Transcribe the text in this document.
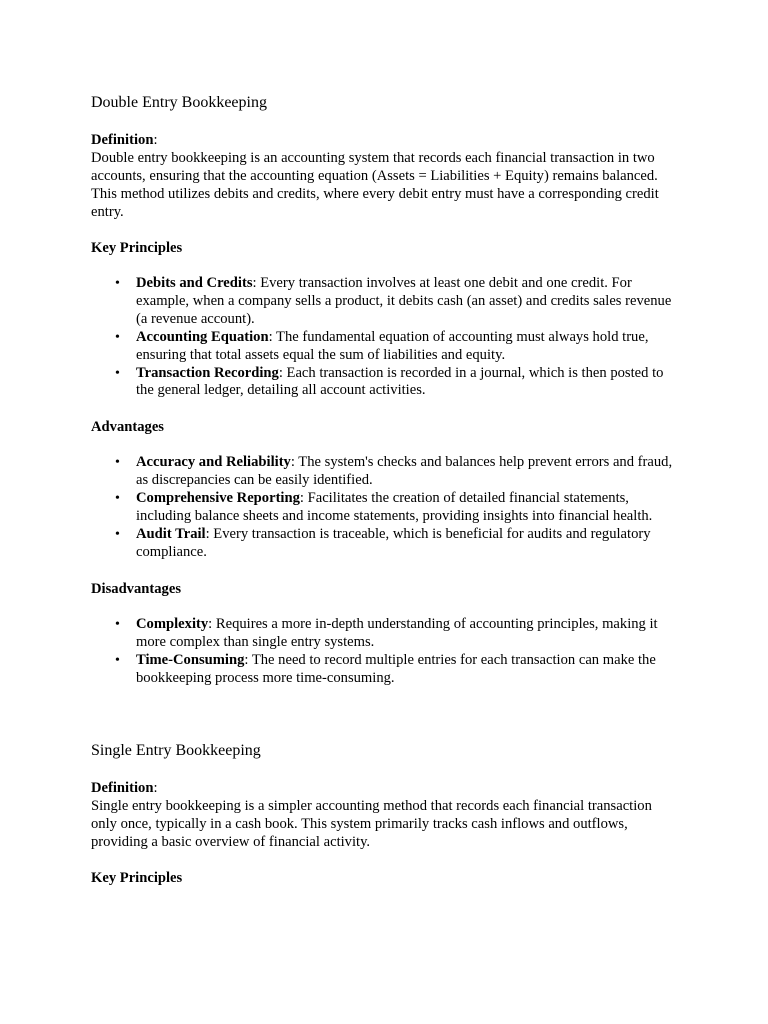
Double Entry Bookkeeping
Definition:

Double entry bookkeeping is an accounting system that records each financial transaction in two accounts, ensuring that the accounting equation (Assets = Liabilities + Equity) remains balanced. This method utilizes debits and credits, where every debit entry must have a corresponding credit entry.

Key Principles
• Debits and Credits: Every transaction involves at least one debit and one credit. For example, when a company sells a product, it debits cash (an asset) and credits sales revenue (a revenue account).
• Accounting Equation: The fundamental equation of accounting must always hold true, ensuring that total assets equal the sum of liabilities and equity.
• Transaction Recording: Each transaction is recorded in a journal, which is then posted to the general ledger, detailing all account activities.
Advantages
• Accuracy and Reliability: The system's checks and balances help prevent errors and fraud, as discrepancies can be easily identified.
• Comprehensive Reporting: Facilitates the creation of detailed financial statements, including balance sheets and income statements, providing insights into financial health.
• Audit Trail: Every transaction is traceable, which is beneficial for audits and regulatory compliance.
Disadvantages
• Complexity: Requires a more in-depth understanding of accounting principles, making it more complex than single entry systems.
• Time-Consuming: The need to record multiple entries for each transaction can make the bookkeeping process more time-consuming.
Single Entry Bookkeeping
Definition:

Single entry bookkeeping is a simpler accounting method that records each financial transaction only once, typically in a cash book. This system primarily tracks cash inflows and outflows, providing a basic overview of financial activity.

Key Principles
